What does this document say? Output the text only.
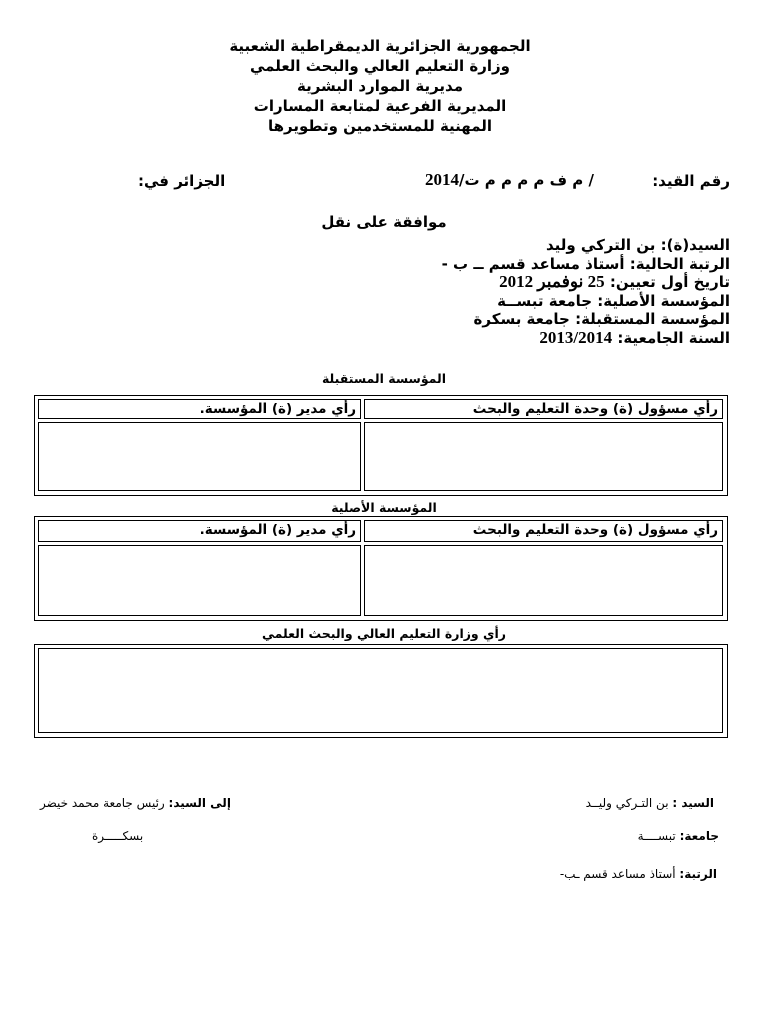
الجمهورية الجزائرية الديمقراطية الشعبية
وزارة التعليم العالي والبحث العلمي
مديرية الموارد البشرية
المديرية الفرعية لمتابعة المسارات
المهنية للمستخدمين وتطويرها
رقم القيد:
/ م ف م م م م ت/2014
الجزائر في:
موافقة على نقل
السيد(ة): بن التركي وليد
الرتبة الحالية: أستاذ مساعد قسم ــ ب -
تاريخ أول تعيين: 25 نوفمبر 2012
المؤسسة الأصلية: جامعة تبســة
المؤسسة المستقبلة: جامعة بسكرة
السنة الجامعية: 2013/2014
المؤسسة المستقبلة
رأي مدير (ة) المؤسسة.	رأي مسؤول (ة) وحدة التعليم والبحث
المؤسسة الأصلية
رأي مدير (ة) المؤسسة.	رأي مسؤول (ة) وحدة التعليم والبحث
رأي وزارة التعليم العالي والبحث العلمي
السيد : بن التـركي وليــد
جامعة: تبســــة
الرتبة: أستاذ مساعد قسم ـب-
إلى السيد: رئيس جامعة محمد خيضر
بسكـــــرة
